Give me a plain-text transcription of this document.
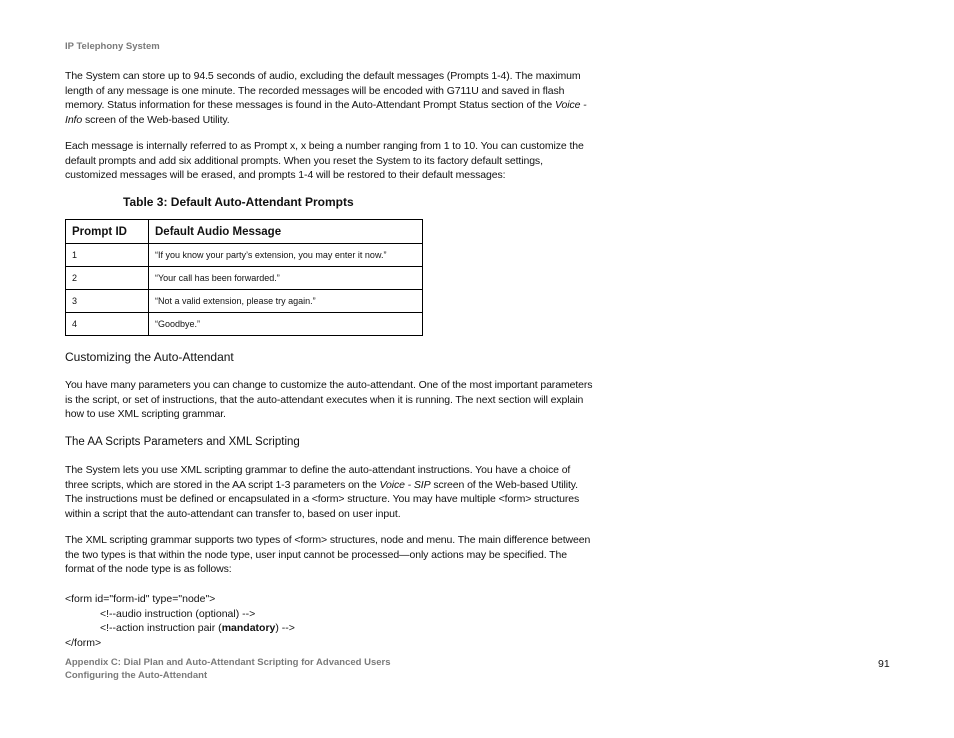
IP Telephony System

The System can store up to 94.5 seconds of audio, excluding the default messages (Prompts 1-4). The maximum length of any message is one minute. The recorded messages will be encoded with G711U and saved in flash memory. Status information for these messages is found in the Auto-Attendant Prompt Status section of the Voice - Info screen of the Web-based Utility.

Each message is internally referred to as Prompt x, x being a number ranging from 1 to 10. You can customize the default prompts and add six additional prompts. When you reset the System to its factory default settings, customized messages will be erased, and prompts 1-4 will be restored to their default messages:

Table 3: Default Auto-Attendant Prompts
Prompt ID	Default Audio Message
1	“If you know your party’s extension, you may enter it now.”
2	“Your call has been forwarded.”
3	“Not a valid extension, please try again.”
4	“Goodbye.”
Customizing the Auto-Attendant

You have many parameters you can change to customize the auto-attendant. One of the most important parameters is the script, or set of instructions, that the auto-attendant executes when it is running. The next section will explain how to use XML scripting grammar.

The AA Scripts Parameters and XML Scripting

The System lets you use XML scripting grammar to define the auto-attendant instructions. You have a choice of three scripts, which are stored in the AA script 1-3 parameters on the Voice - SIP screen of the Web-based Utility. The instructions must be defined or encapsulated in a <form> structure. You may have multiple <form> structures within a script that the auto-attendant can transfer to, based on user input.

The XML scripting grammar supports two types of <form> structures, node and menu. The main difference between the two types is that within the node type, user input cannot be processed—only actions may be specified. The format of the node type is as follows:

<form id="form-id" type="node">
<!--audio instruction (optional) -->
<!--action instruction pair (mandatory) -->
</form>
Appendix C: Dial Plan and Auto-Attendant Scripting for Advanced Users
Configuring the Auto-Attendant
91
